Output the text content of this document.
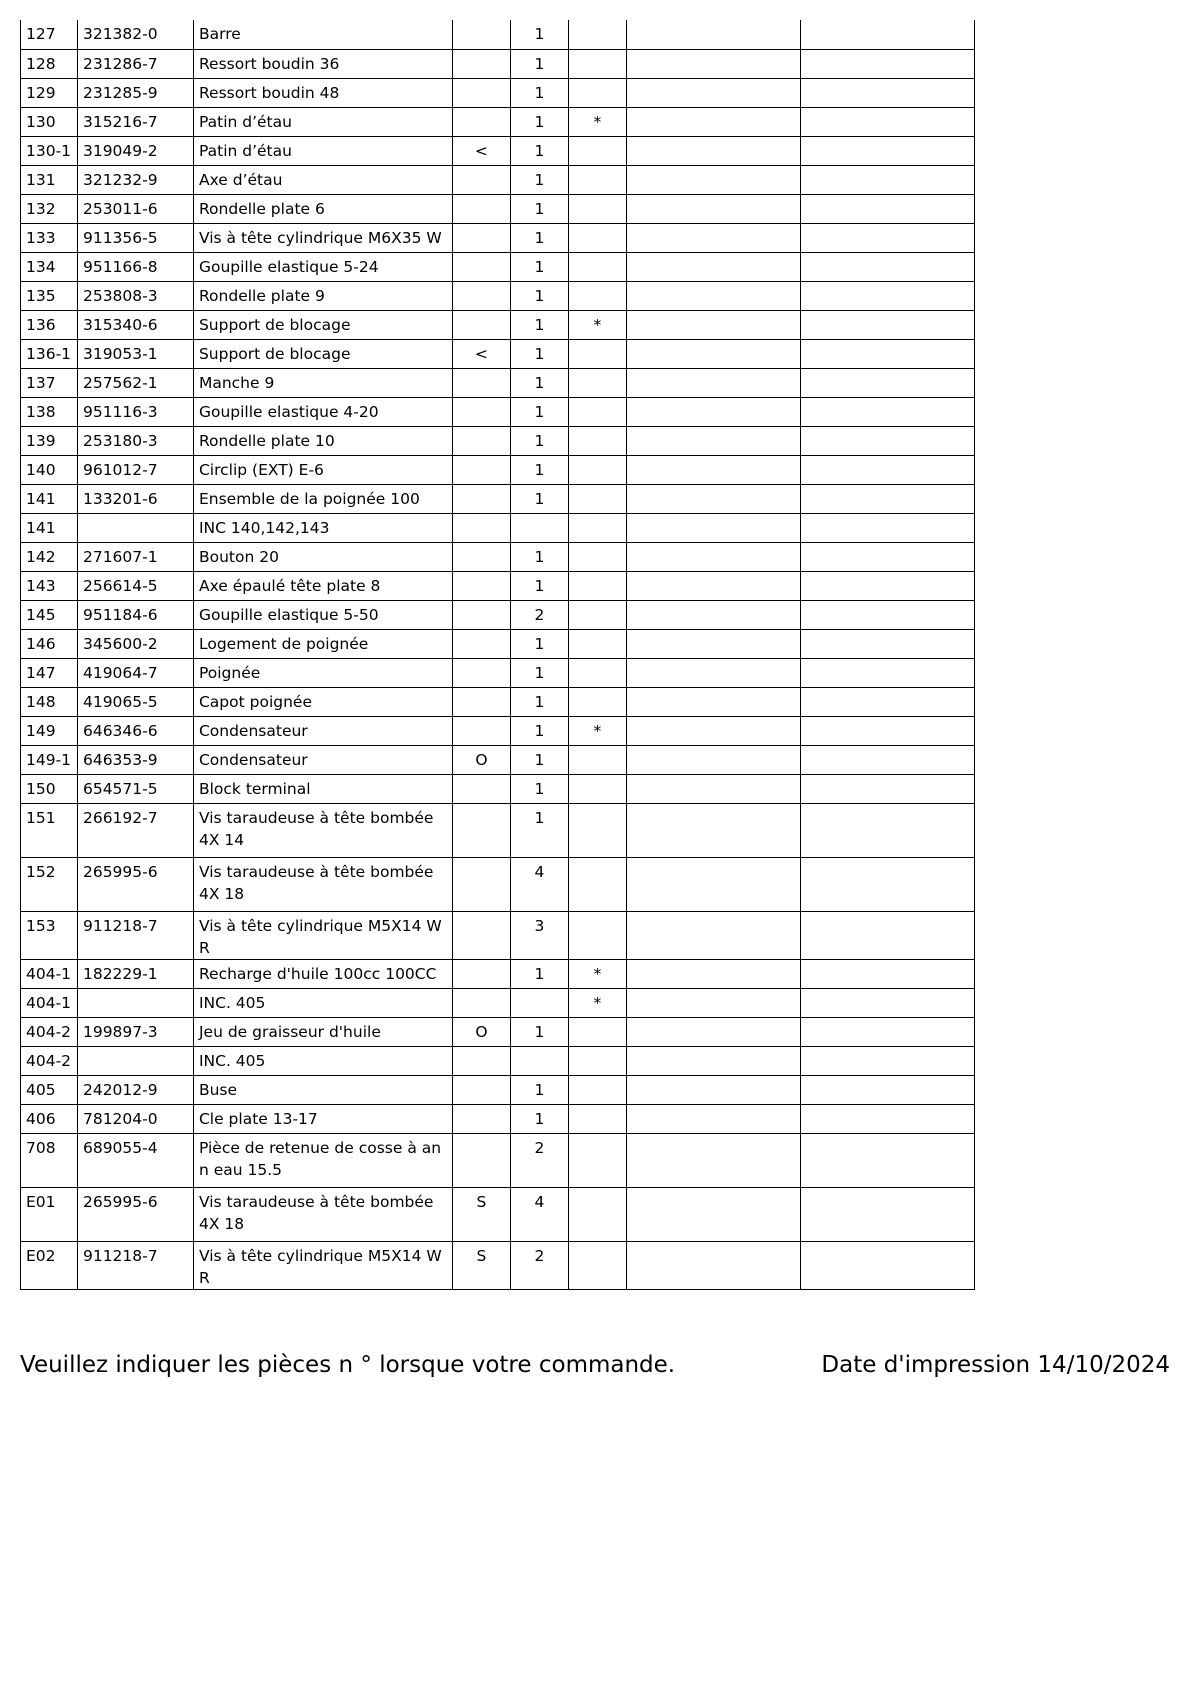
127	321382-0	Barre		1			
128	231286-7	Ressort boudin 36		1			
129	231285-9	Ressort boudin 48		1			
130	315216-7	Patin d’étau		1	*		
130-1	319049-2	Patin d’étau	<	1			
131	321232-9	Axe d’étau		1			
132	253011-6	Rondelle plate 6		1			
133	911356-5	Vis à tête cylindrique M6X35 W		1			
134	951166-8	Goupille elastique 5-24		1			
135	253808-3	Rondelle plate 9		1			
136	315340-6	Support de blocage		1	*		
136-1	319053-1	Support de blocage	<	1			
137	257562-1	Manche 9		1			
138	951116-3	Goupille elastique 4-20		1			
139	253180-3	Rondelle plate 10		1			
140	961012-7	Circlip (EXT) E-6		1			
141	133201-6	Ensemble de la poignée 100		1			
141		INC 140,142,143					
142	271607-1	Bouton 20		1			
143	256614-5	Axe épaulé tête plate 8		1			
145	951184-6	Goupille elastique 5-50		2			
146	345600-2	Logement de poignée		1			
147	419064-7	Poignée		1			
148	419065-5	Capot poignée		1			
149	646346-6	Condensateur		1	*		
149-1	646353-9	Condensateur	O	1			
150	654571-5	Block terminal		1			
151	266192-7	Vis taraudeuse à tête bombée 4X 14		1			
152	265995-6	Vis taraudeuse à tête bombée 4X 18		4			
153	911218-7	Vis à tête cylindrique M5X14 WR		3			
404-1	182229-1	Recharge d'huile 100cc 100CC		1	*		
404-1		INC. 405			*		
404-2	199897-3	Jeu de graisseur d'huile	O	1			
404-2		INC. 405					
405	242012-9	Buse		1			
406	781204-0	Cle plate 13-17		1			
708	689055-4	Pièce de retenue de cosse à ann eau 15.5		2			
E01	265995-6	Vis taraudeuse à tête bombée 4X 18	S	4			
E02	911218-7	Vis à tête cylindrique M5X14 WR	S	2			
Veuillez indiquer les pièces n ° lorsque votre commande.	Date d'impression 14/10/2024
